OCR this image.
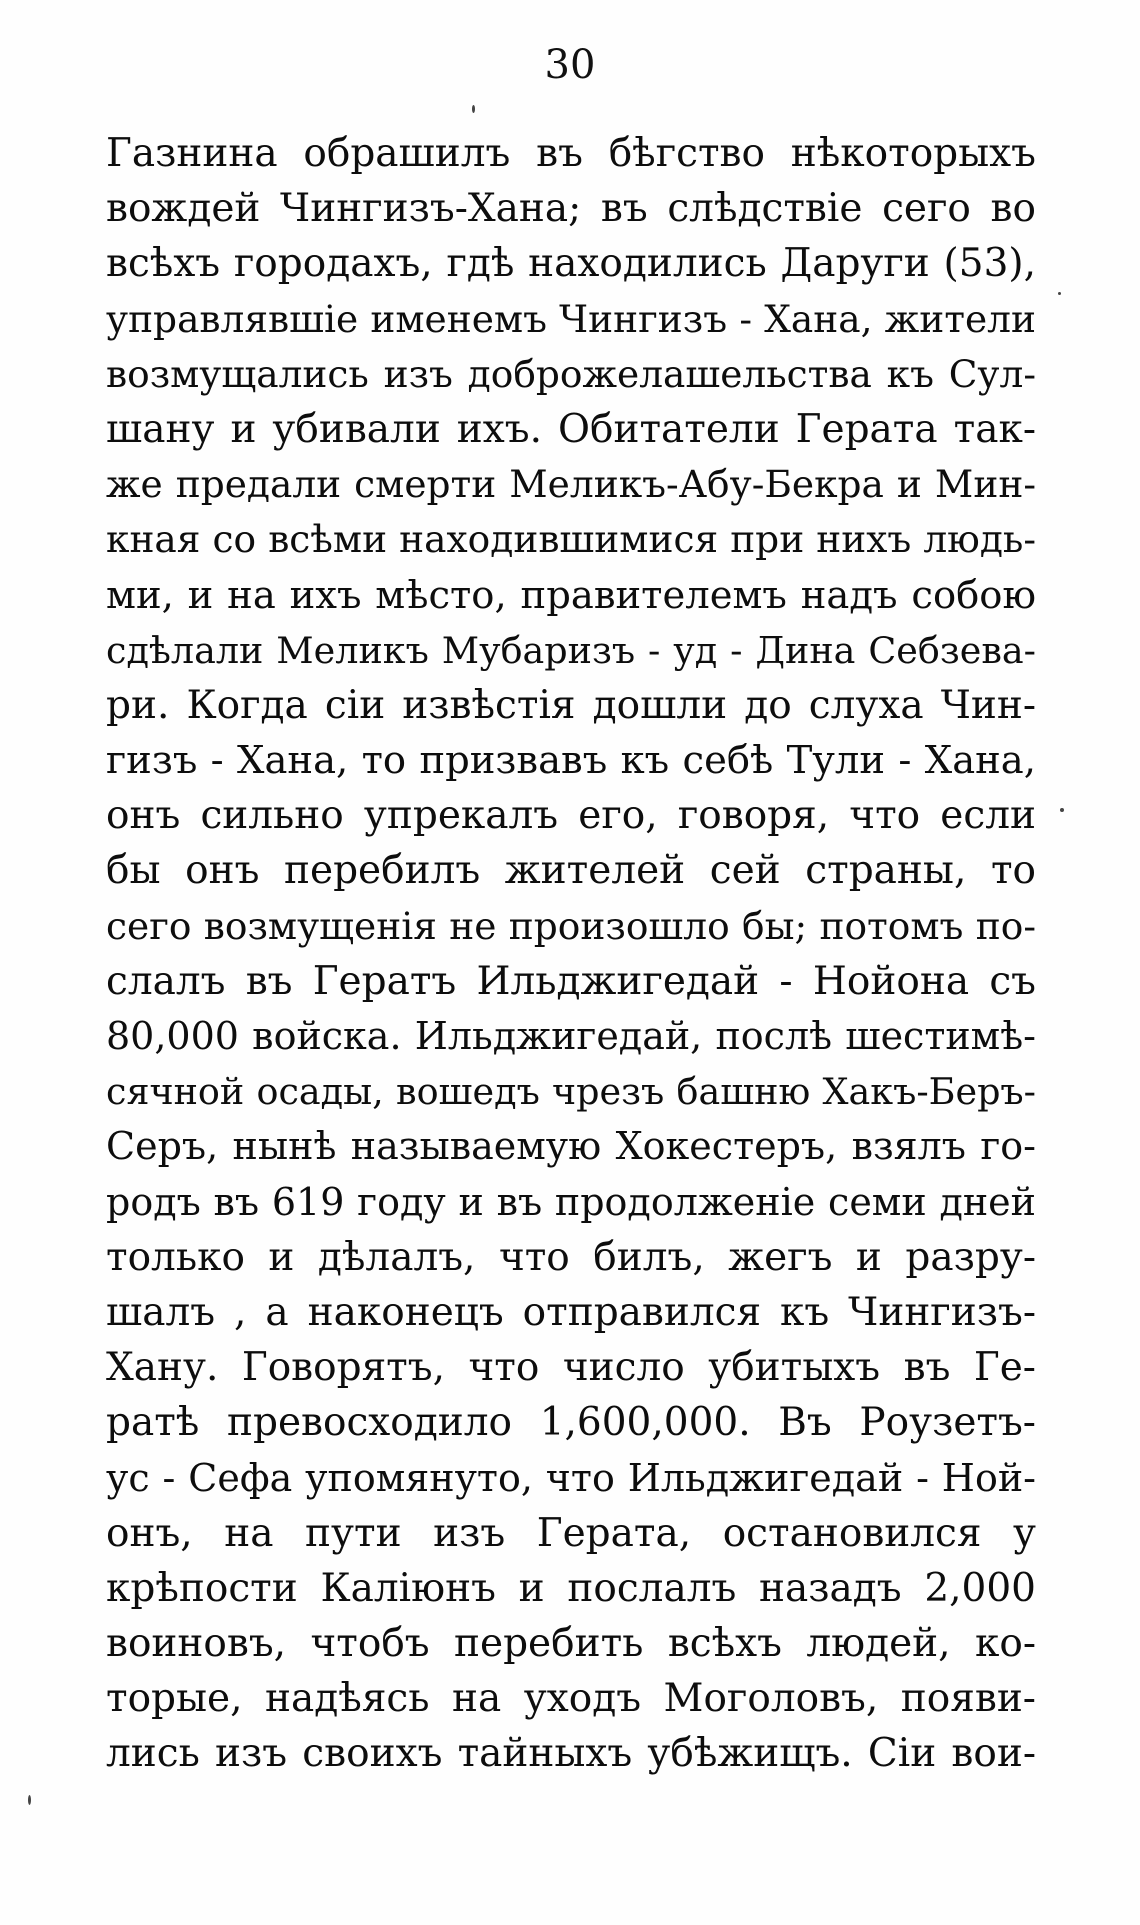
30
Газнина обрашилъ въ бѣгство нѣкоторыхъ
вождей Чингизъ-Хана; въ слѣдствіе сего во
всѣхъ городахъ, гдѣ находились Даруги (53),
управлявшіе именемъ Чингизъ - Хана, жители
возмущались изъ доброжелашельства къ Сул-
шану и убивали ихъ. Обитатели Герата так-
же предали смерти Меликъ-Абу-Бекра и Мин-
кная со всѣми находившимися при нихъ людь-
ми, и на ихъ мѣсто, правителемъ надъ собою
сдѣлали Меликъ Мубаризъ - уд - Дина Себзева-
ри. Когда сіи извѣстія дошли до слуха Чин-
гизъ - Хана, то призвавъ къ себѣ Тули - Хана,
онъ сильно упрекалъ его, говоря, что если
бы онъ перебилъ жителей сей страны, то
сего возмущенія не произошло бы; потомъ по-
слалъ въ Гератъ Ильджигедай - Нойона съ
80,000 войска. Ильджигедай, послѣ шестимѣ-
сячной осады, вошедъ чрезъ башню Хакъ-Беръ-
Серъ, нынѣ называемую Хокестеръ, взялъ го-
родъ въ 619 году и въ продолженіе семи дней
только и дѣлалъ, что билъ, жегъ и разру-
шалъ , а наконецъ отправился къ Чингизъ-
Хану. Говорятъ, что число убитыхъ въ Ге-
ратѣ превосходило 1,600,000. Въ Роузетъ-
ус - Сефа упомянуто, что Ильджигедай - Ной-
онъ, на пути изъ Герата, остановился у
крѣпости Каліюнъ и послалъ назадъ 2,000
воиновъ, чтобъ перебить всѣхъ людей, ко-
торые, надѣясь на уходъ Моголовъ, появи-
лись изъ своихъ тайныхъ убѣжищъ. Сіи вои-
